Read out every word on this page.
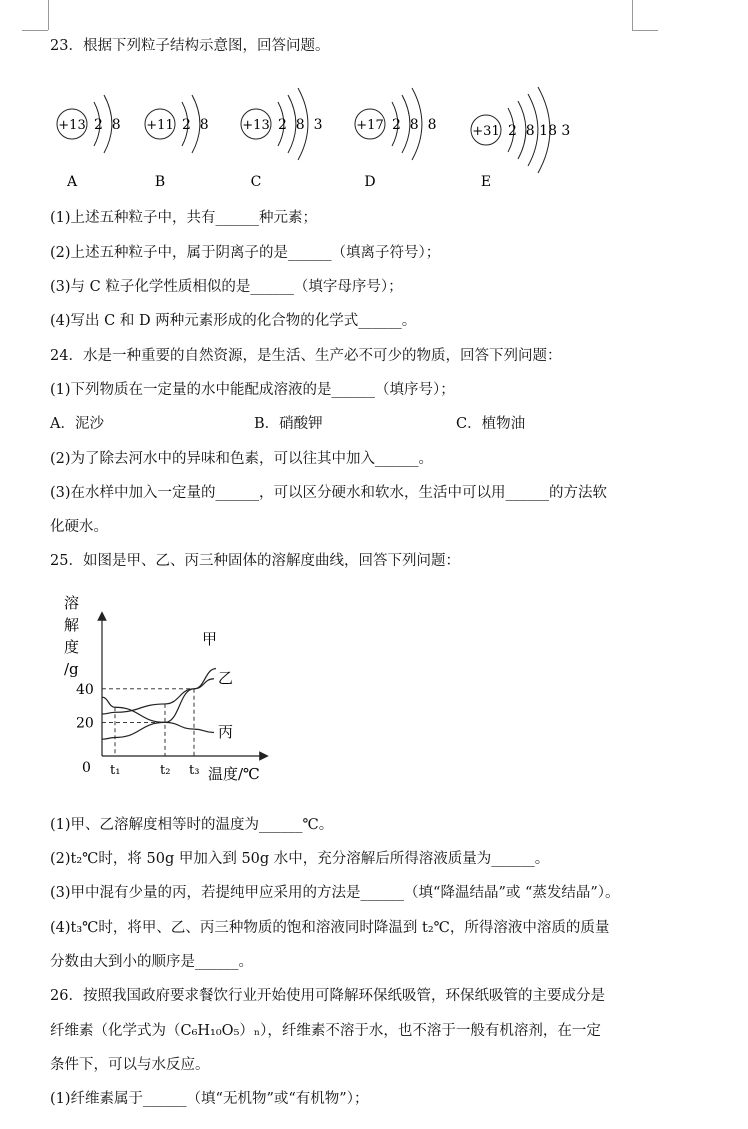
23．根据下列粒子结构示意图，回答问题。
+13 2  8
A
+11 2  8
B
+13 2  8  3
C
+17 2  8  8
D
+31 2  8 18 3
E
(1)上述五种粒子中，共有______种元素；
(2)上述五种粒子中，属于阴离子的是______（填离子符号）；
(3)与 C 粒子化学性质相似的是______（填字母序号）；
(4)写出 C 和 D 两种元素形成的化合物的化学式______。
24．水是一种重要的自然资源，是生活、生产必不可少的物质，回答下列问题：
(1)下列物质在一定量的水中能配成溶液的是______（填序号）；
A．泥沙	B．硝酸钾	C．植物油
(2)为了除去河水中的异味和色素，可以往其中加入______。
(3)在水样中加入一定量的______，可以区分硬水和软水，生活中可以用______的方法软
化硬水。
25．如图是甲、乙、丙三种固体的溶解度曲线，回答下列问题：
溶
解
度
/g
温度/℃
0
20
40
t₁	t₂ t₃
甲
乙
丙
(1)甲、乙溶解度相等时的温度为______℃。
(2)t₂℃时，将 50g 甲加入到 50g 水中，充分溶解后所得溶液质量为______。
(3)甲中混有少量的丙，若提纯甲应采用的方法是______（填“降温结晶”或 “蒸发结晶”）。
(4)t₃℃时，将甲、乙、丙三种物质的饱和溶液同时降温到 t₂℃，所得溶液中溶质的质量
分数由大到小的顺序是______。
26．按照我国政府要求餐饮行业开始使用可降解环保纸吸管，环保纸吸管的主要成分是
纤维素（化学式为（C₆H₁₀O₅）ₙ），纤维素不溶于水，也不溶于一般有机溶剂，在一定
条件下，可以与水反应。
(1)纤维素属于______（填“无机物”或“有机物”）；
